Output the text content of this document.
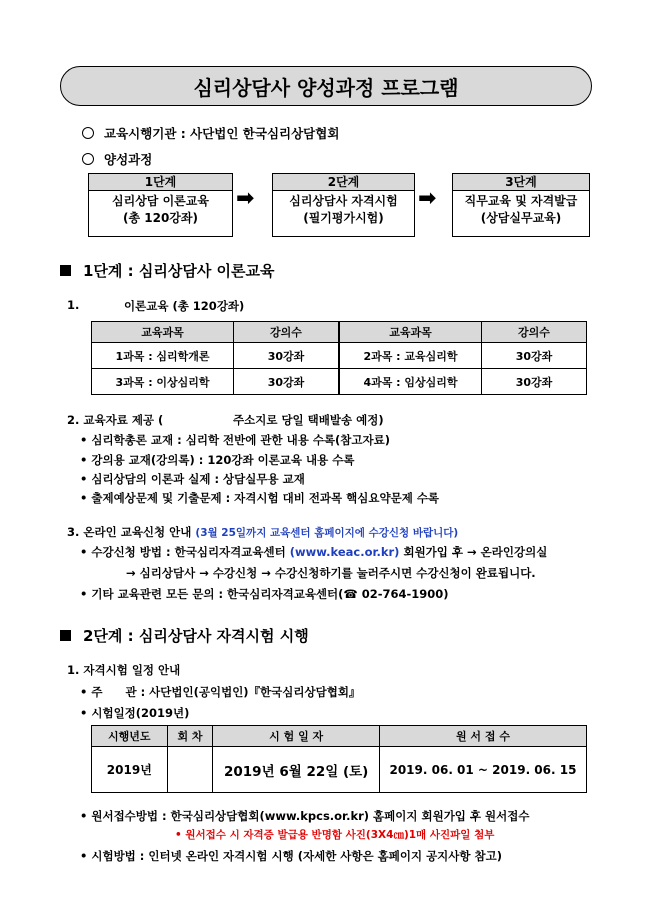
심리상담사 양성과정 프로그램
교육시행기관 : 사단법인 한국심리상담협회
양성과정
1단계
심리상담 이론교육
(총 120강좌)
➡
2단계
심리상담사 자격시험
(필기평가시험)
➡
3단계
직무교육 및 자격발급
(상담실무교육)
1단계 : 심리상담사 이론교육
1.	이론교육 (총 120강좌)
교육과목	강의수	교육과목	강의수
1과목 : 심리학개론	30강좌	2과목 : 교육심리학	30강좌
3과목 : 이상심리학	30강좌	4과목 : 임상심리학	30강좌
2. 교육자료 제공 (	주소지로 당일 택배발송 예정)
• 심리학총론 교재 : 심리학 전반에 관한 내용 수록(참고자료)
• 강의용 교재(강의록) : 120강좌 이론교육 내용 수록
• 심리상담의 이론과 실제 : 상담실무용 교재
• 출제예상문제 및 기출문제 : 자격시험 대비 전과목 핵심요약문제 수록
3. 온라인 교육신청 안내 (3월 25일까지 교육센터 홈페이지에 수강신청 바랍니다)
• 수강신청 방법 : 한국심리자격교육센터 (www.keac.or.kr) 회원가입 후 → 온라인강의실
→ 심리상담사 → 수강신청 → 수강신청하기를 눌러주시면 수강신청이 완료됩니다.
• 기타 교육관련 모든 문의 : 한국심리자격교육센터(☎ 02-764-1900)
2단계 : 심리상담사 자격시험 시행
1. 자격시험 일정 안내
• 주　　관 : 사단법인(공익법인)『한국심리상담협회』
• 시험일정(2019년)
시행년도	회 차	시 험 일 자	원 서 접 수
2019년		2019년 6월 22일 (토)	2019. 06. 01 ~ 2019. 06. 15
• 원서접수방법 : 한국심리상담협회(www.kpcs.or.kr) 홈페이지 회원가입 후 원서접수
• 원서접수 시 자격증 발급용 반명함 사진(3X4㎝)1매 사진파일 첨부
• 시험방법 : 인터넷 온라인 자격시험 시행 (자세한 사항은 홈페이지 공지사항 참고)
